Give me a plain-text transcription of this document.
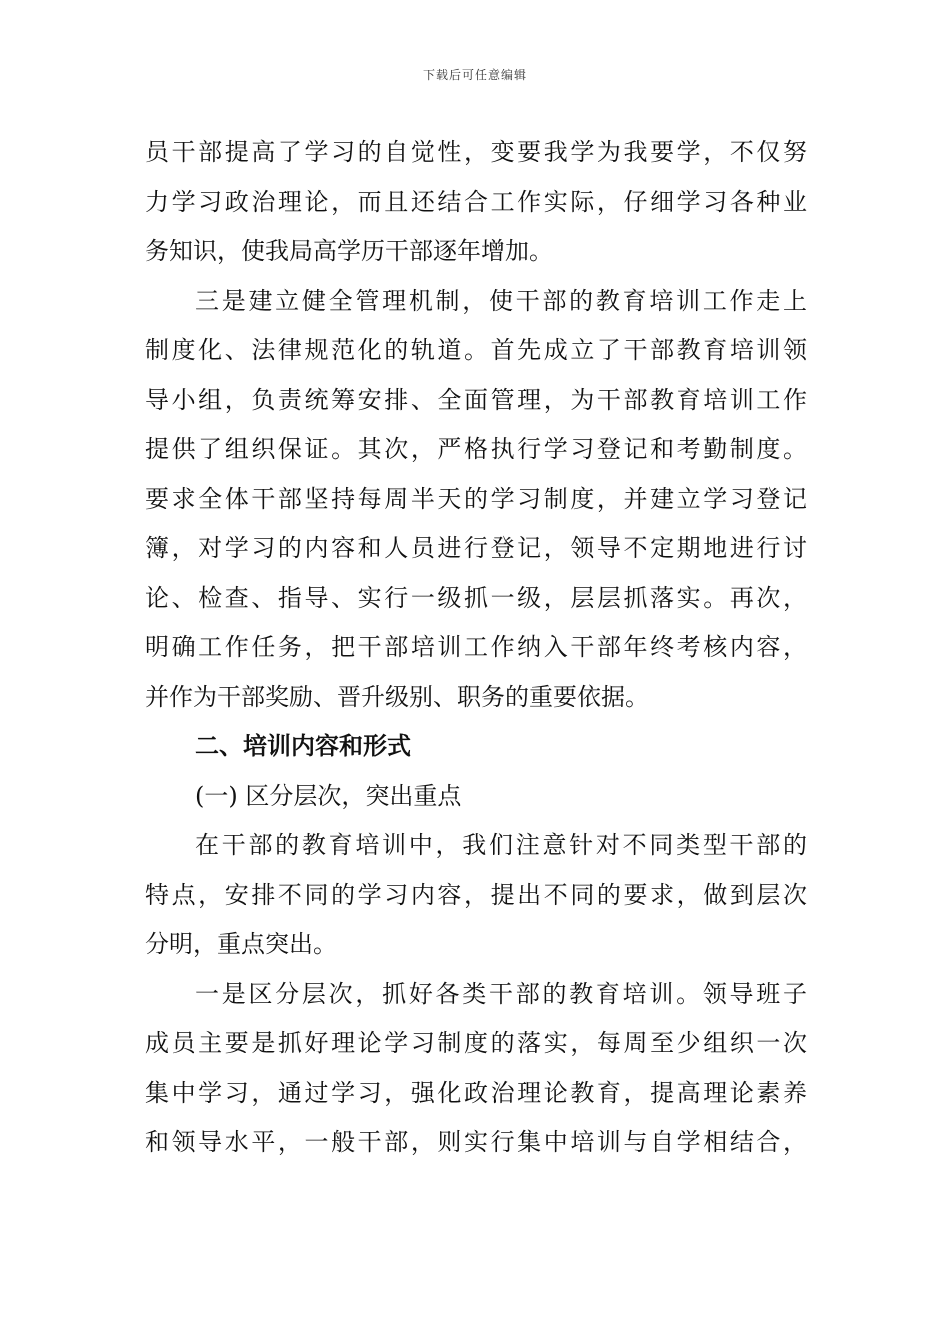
下载后可任意编辑
员干部提高了学习的自觉性，变要我学为我要学，不仅努
力学习政治理论，而且还结合工作实际，仔细学习各种业
务知识，使我局高学历干部逐年增加。
三是建立健全管理机制，使干部的教育培训工作走上
制度化、法律规范化的轨道。首先成立了干部教育培训领
导小组，负责统筹安排、全面管理，为干部教育培训工作
提供了组织保证。其次，严格执行学习登记和考勤制度。
要求全体干部坚持每周半天的学习制度，并建立学习登记
簿，对学习的内容和人员进行登记，领导不定期地进行讨
论、检查、指导、实行一级抓一级，层层抓落实。再次，
明确工作任务，把干部培训工作纳入干部年终考核内容，
并作为干部奖励、晋升级别、职务的重要依据。
二、培训内容和形式
(一) 区分层次，突出重点
在干部的教育培训中，我们注意针对不同类型干部的
特点，安排不同的学习内容，提出不同的要求，做到层次
分明，重点突出。
一是区分层次，抓好各类干部的教育培训。领导班子
成员主要是抓好理论学习制度的落实，每周至少组织一次
集中学习，通过学习，强化政治理论教育，提高理论素养
和领导水平，一般干部，则实行集中培训与自学相结合，
